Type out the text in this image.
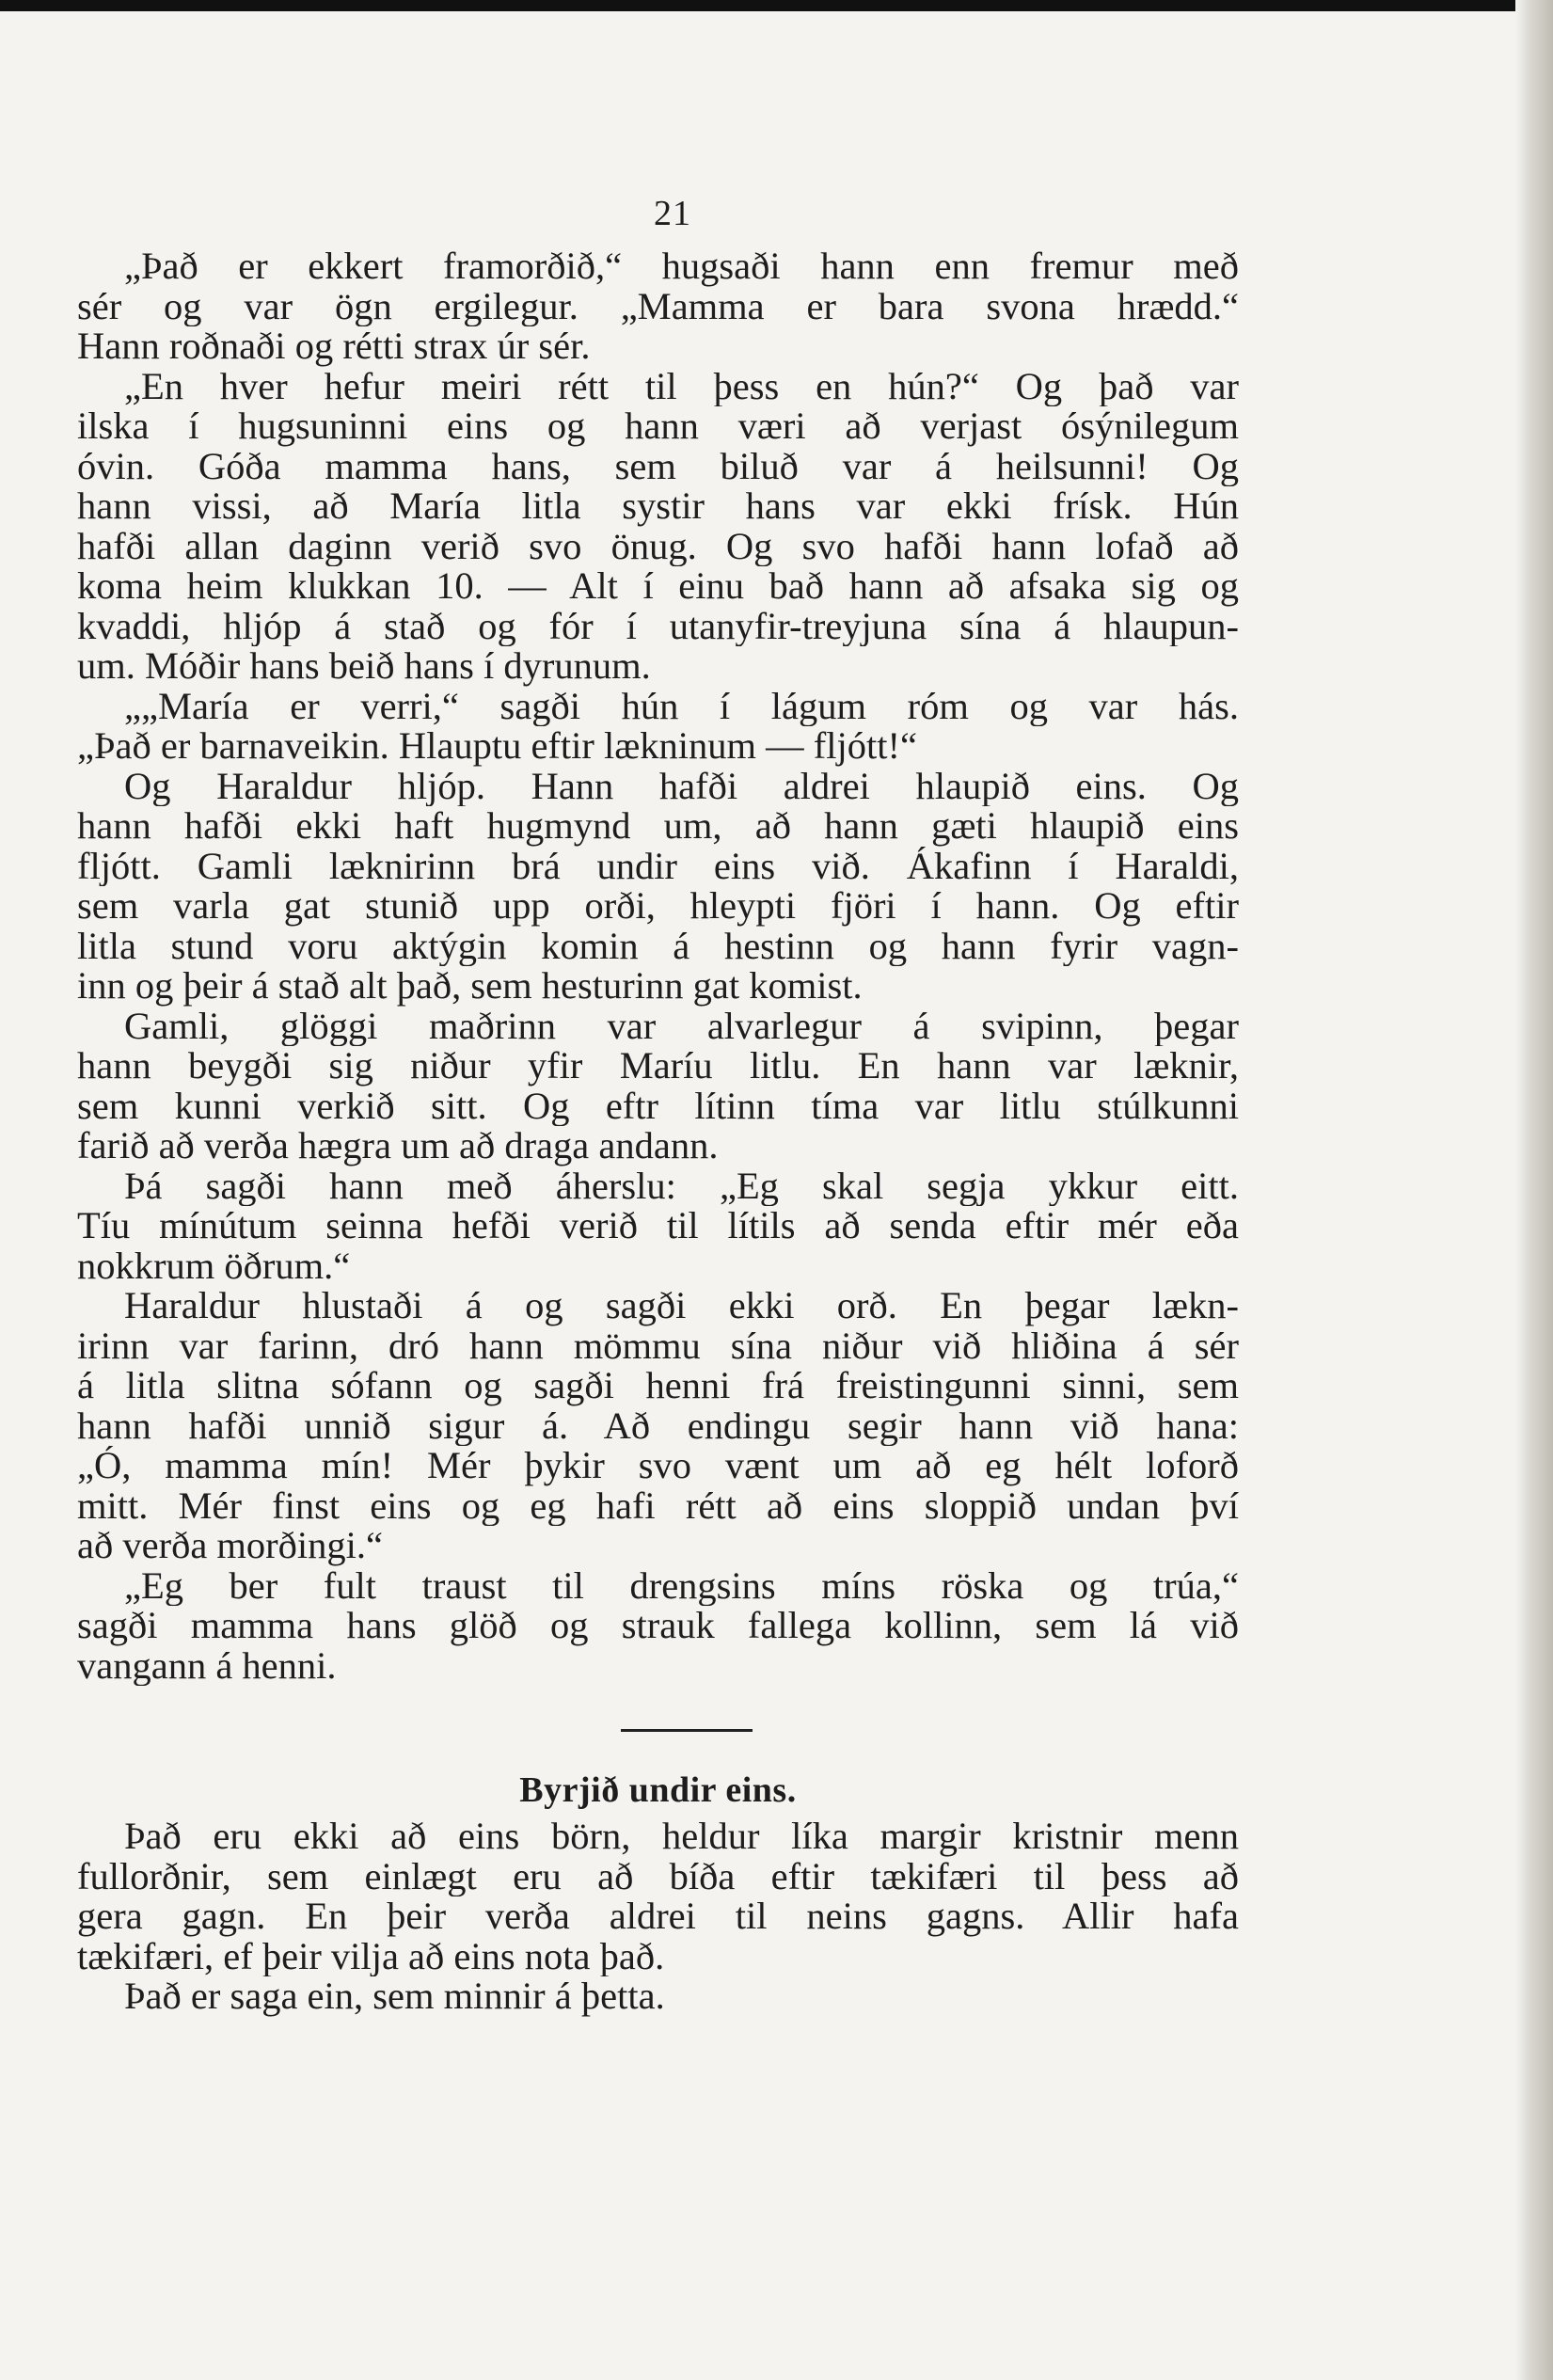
21

„Það er ekkert framorðið,“ hugsaði hann enn fremur með
sér og var ögn ergilegur. „Mamma er bara svona hrædd.“
Hann roðnaði og rétti strax úr sér.

„En hver hefur meiri rétt til þess en hún?“ Og það var
ilska í hugsuninni eins og hann væri að verjast ósýnilegum
óvin. Góða mamma hans, sem biluð var á heilsunni! Og
hann vissi, að María litla systir hans var ekki frísk. Hún
hafði allan daginn verið svo önug. Og svo hafði hann lofað að
koma heim klukkan 10. — Alt í einu bað hann að afsaka sig og
kvaddi, hljóp á stað og fór í utanyfir-treyjuna sína á hlaupun-
um. Móðir hans beið hans í dyrunum.

„„María er verri,“ sagði hún í lágum róm og var hás.
„Það er barnaveikin. Hlauptu eftir lækninum — fljótt!“

Og Haraldur hljóp. Hann hafði aldrei hlaupið eins. Og
hann hafði ekki haft hugmynd um, að hann gæti hlaupið eins
fljótt. Gamli læknirinn brá undir eins við. Ákafinn í Haraldi,
sem varla gat stunið upp orði, hleypti fjöri í hann. Og eftir
litla stund voru aktýgin komin á hestinn og hann fyrir vagn-
inn og þeir á stað alt það, sem hesturinn gat komist.

Gamli, glöggi maðrinn var alvarlegur á svipinn, þegar
hann beygði sig niður yfir Maríu litlu. En hann var læknir,
sem kunni verkið sitt. Og eftr lítinn tíma var litlu stúlkunni
farið að verða hægra um að draga andann.

Þá sagði hann með áherslu: „Eg skal segja ykkur eitt.
Tíu mínútum seinna hefði verið til lítils að senda eftir mér eða
nokkrum öðrum.“

Haraldur hlustaði á og sagði ekki orð. En þegar lækn-
irinn var farinn, dró hann mömmu sína niður við hliðina á sér
á litla slitna sófann og sagði henni frá freistingunni sinni, sem
hann hafði unnið sigur á. Að endingu segir hann við hana:
„Ó, mamma mín! Mér þykir svo vænt um að eg hélt loforð
mitt. Mér finst eins og eg hafi rétt að eins sloppið undan því
að verða morðingi.“

„Eg ber fult traust til drengsins míns röska og trúa,“
sagði mamma hans glöð og strauk fallega kollinn, sem lá við
vangann á henni.

Byrjið undir eins.

Það eru ekki að eins börn, heldur líka margir kristnir menn
fullorðnir, sem einlægt eru að bíða eftir tækifæri til þess að
gera gagn. En þeir verða aldrei til neins gagns. Allir hafa
tækifæri, ef þeir vilja að eins nota það.

Það er saga ein, sem minnir á þetta.
